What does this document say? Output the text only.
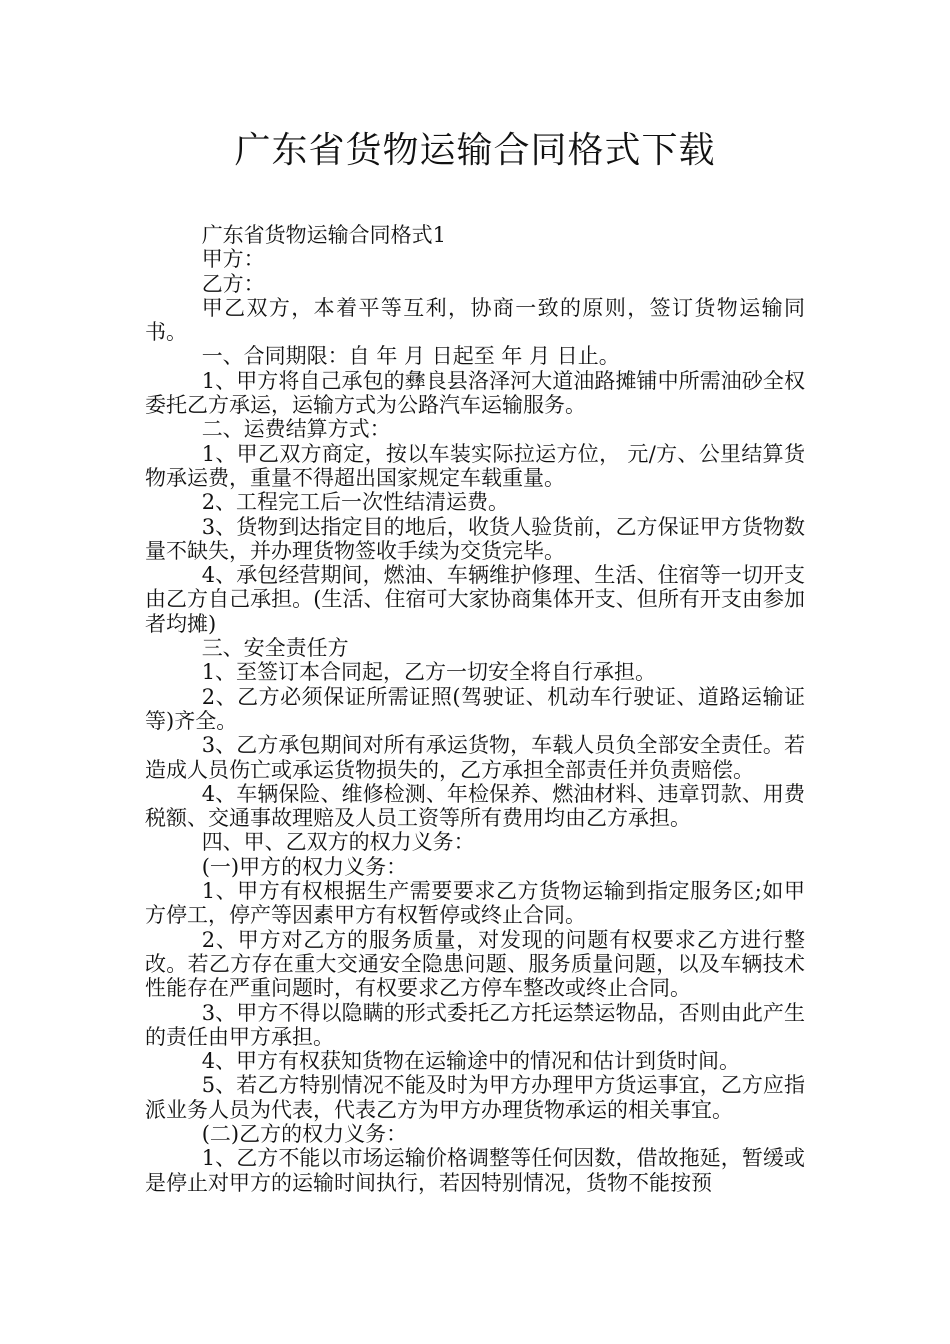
广东省货物运输合同格式下载

广东省货物运输合同格式1

甲方：

乙方：

甲乙双方，本着平等互利，协商一致的原则，签订货物运输同书。

一、合同期限：自 年 月 日起至 年 月 日止。

1、甲方将自己承包的彝良县洛泽河大道油路摊铺中所需油砂全权委托乙方承运，运输方式为公路汽车运输服务。

二、运费结算方式：

1、甲乙双方商定，按以车装实际拉运方位， 元/方、公里结算货物承运费，重量不得超出国家规定车载重量。

2、工程完工后一次性结清运费。

3、货物到达指定目的地后，收货人验货前，乙方保证甲方货物数量不缺失，并办理货物签收手续为交货完毕。

4、承包经营期间，燃油、车辆维护修理、生活、住宿等一切开支由乙方自己承担。(生活、住宿可大家协商集体开支、但所有开支由参加者均摊)

三、安全责任方

1、至签订本合同起，乙方一切安全将自行承担。

2、乙方必须保证所需证照(驾驶证、机动车行驶证、道路运输证等)齐全。

3、乙方承包期间对所有承运货物，车载人员负全部安全责任。若造成人员伤亡或承运货物损失的，乙方承担全部责任并负责赔偿。

4、车辆保险、维修检测、年检保养、燃油材料、违章罚款、用费税额、交通事故理赔及人员工资等所有费用均由乙方承担。

四、甲、乙双方的权力义务：

(一)甲方的权力义务：

1、甲方有权根据生产需要要求乙方货物运输到指定服务区;如甲方停工，停产等因素甲方有权暂停或终止合同。

2、甲方对乙方的服务质量，对发现的问题有权要求乙方进行整改。若乙方存在重大交通安全隐患问题、服务质量问题，以及车辆技术性能存在严重问题时，有权要求乙方停车整改或终止合同。

3、甲方不得以隐瞒的形式委托乙方托运禁运物品，否则由此产生的责任由甲方承担。

4、甲方有权获知货物在运输途中的情况和估计到货时间。

5、若乙方特别情况不能及时为甲方办理甲方货运事宜，乙方应指派业务人员为代表，代表乙方为甲方办理货物承运的相关事宜。

(二)乙方的权力义务：

1、乙方不能以市场运输价格调整等任何因数，借故拖延，暂缓或是停止对甲方的运输时间执行，若因特别情况，货物不能按预
